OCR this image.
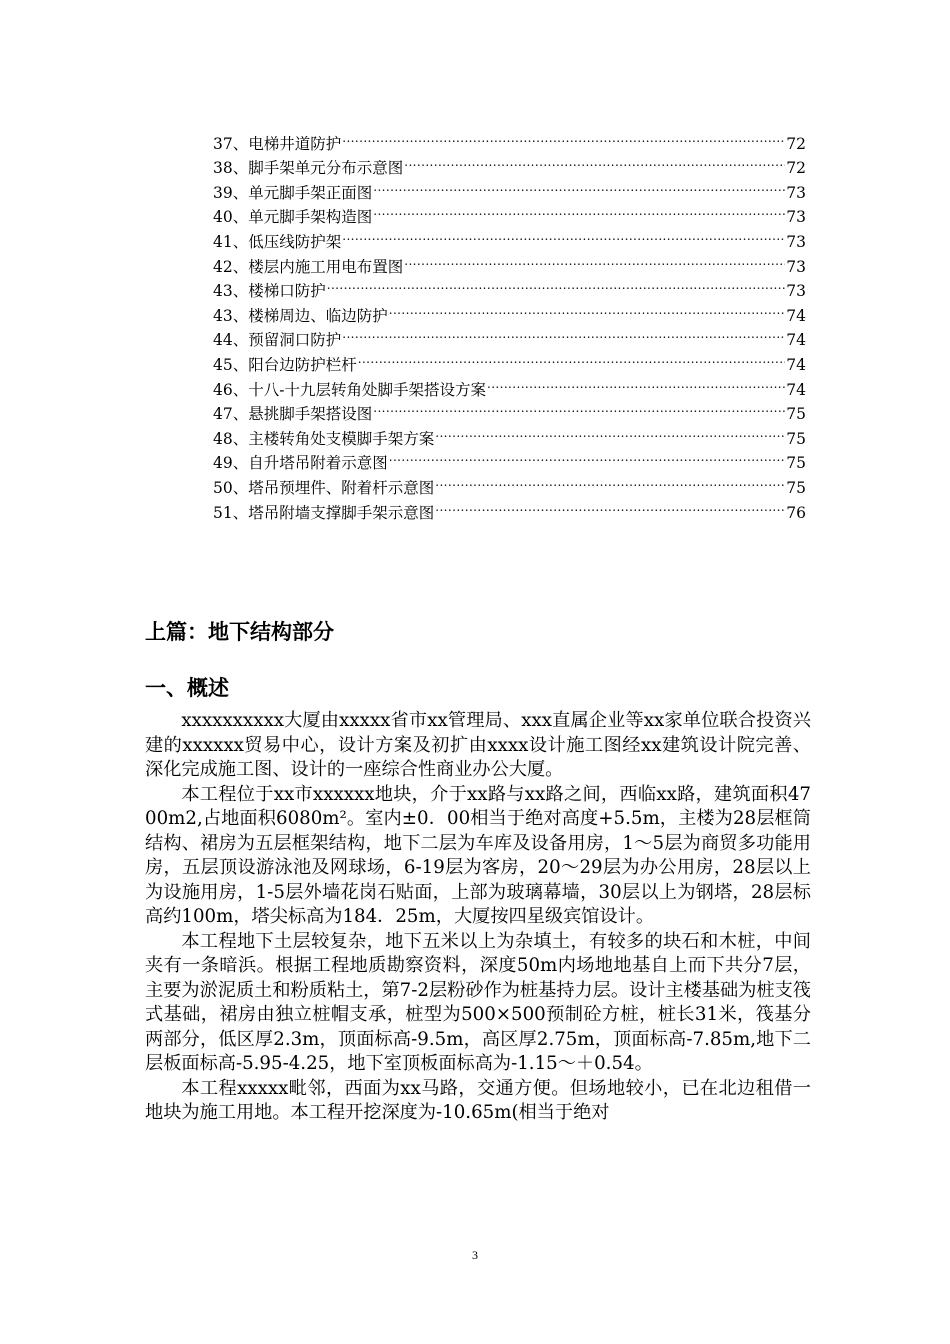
37、 电梯井道防护 .....	72
38、 脚手架单元分布示意图 .....	72
39、 单元脚手架正面图 .....	73
40、 单元脚手架构造图 .....	73
41、 低压线防护架 .....	73
42、 楼层内施工用电布置图 .....	73
43、 楼梯口防护 .....	73
43、 楼梯周边、临边防护 .....	74
44、 预留洞口防护 .....	74
45、 阳台边防护栏杆 .....	74
46、 十八-十九层转角处脚手架搭设方案 .....	74
47、 悬挑脚手架搭设图 .....	75
48、 主楼转角处支模脚手架方案 .....	75
49、 自升塔吊附着示意图 .....	75
50、 塔吊预埋件、附着杆示意图 .....	75
51、 塔吊附墙支撑脚手架示意图 .....	76
上篇：地下结构部分
一、概述

xxxxxxxxxx大厦由xxxxx省市xx管理局、xxx直属企业等xx家单位联合投资兴建的xxxxxx贸易中心，设计方案及初扩由xxxx设计施工图经xx建筑设计院完善、深化完成施工图、设计的一座综合性商业办公大厦。

本工程位于xx市xxxxxx地块，介于xx路与xx路之间，西临xx路，建筑面积4700m2,占地面积6080m²。室内±0．00相当于绝对高度+5.5m，主楼为28层框筒结构、裙房为五层框架结构，地下二层为车库及设备用房，1～5层为商贸多功能用房，五层顶设游泳池及网球场，6-19层为客房，20～29层为办公用房，28层以上为设施用房，1-5层外墙花岗石贴面，上部为玻璃幕墙，30层以上为钢塔，28层标高约100m，塔尖标高为184．25m，大厦按四星级宾馆设计。

本工程地下土层较复杂，地下五米以上为杂填土，有较多的块石和木桩，中间夹有一条暗浜。根据工程地质勘察资料，深度50m内场地地基自上而下共分7层，主要为淤泥质土和粉质粘土，第7-2层粉砂作为桩基持力层。设计主楼基础为桩支筏式基础，裙房由独立桩帽支承，桩型为500×500预制砼方桩，桩长31米，筏基分两部分，低区厚2.3m，顶面标高-9.5m，高区厚2.75m，顶面标高-7.85m,地下二层板面标高-5.95-4.25，地下室顶板面标高为-1.15～＋0.54。

本工程xxxxx毗邻，西面为xx马路，交通方便。但场地较小，已在北边租借一地块为施工用地。本工程开挖深度为-10.65m(相当于绝对

3
